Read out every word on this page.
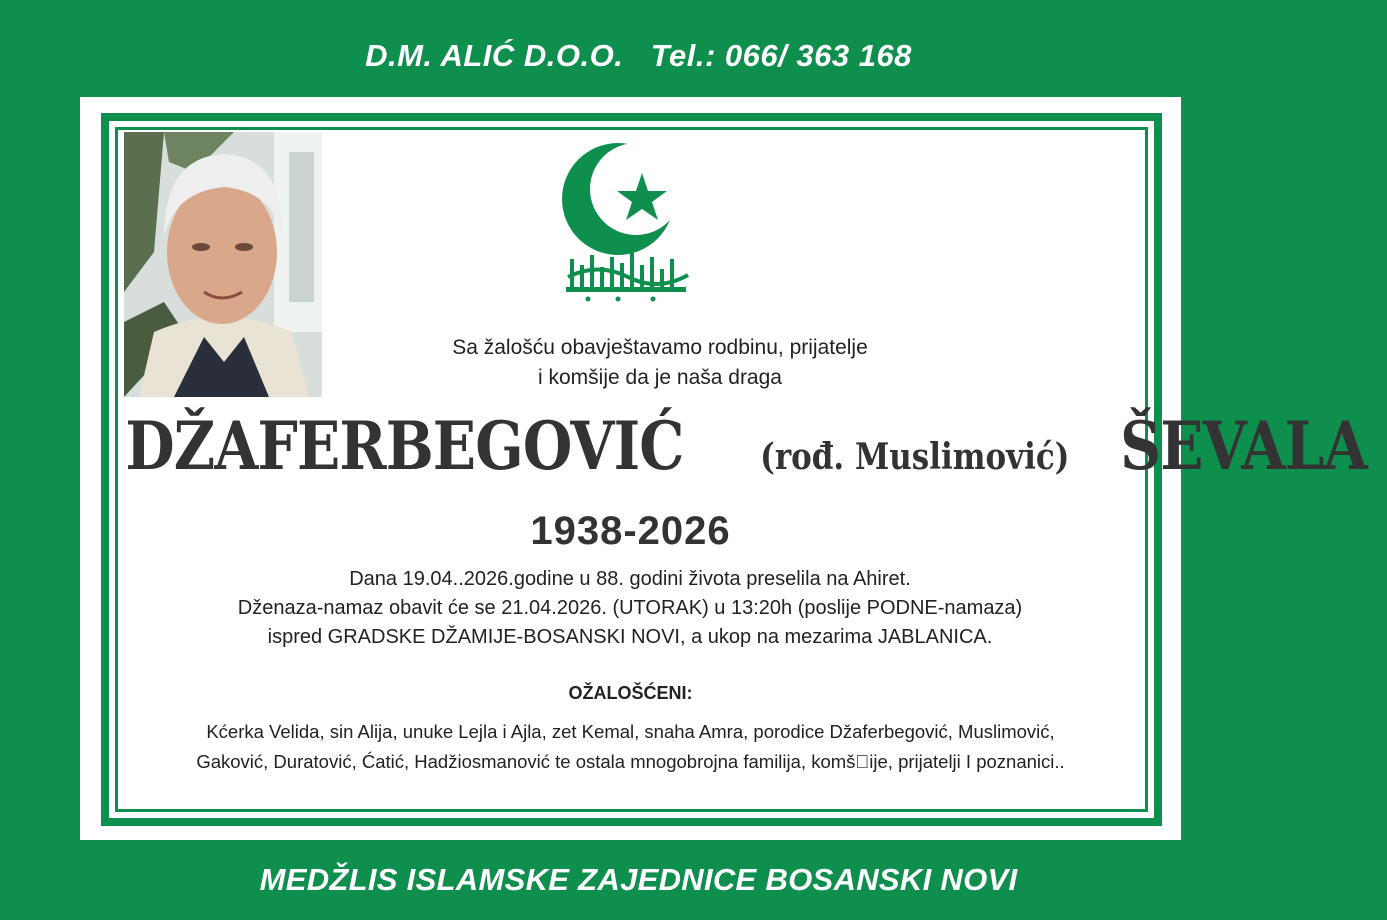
D.M. ALIĆ D.O.O. Tel.: 066/ 363 168
Sa žalošću obavještavamo rodbinu, prijatelje
i komšije da je naša draga
DŽAFERBEGOVIĆ (rođ. Muslimović) ŠEVALA
1938-2026
Dana 19.04..2026.godine u 88. godini života preselila na Ahiret.
Dženaza-namaz obavit će se 21.04.2026. (UTORAK) u 13:20h (poslije PODNE-namaza)
ispred GRADSKE DŽAMIJE-BOSANSKI NOVI, a ukop na mezarima JABLANICA.
OŽALOŠĆENI:
Kćerka Velida, sin Alija, unuke Lejla i Ajla, zet Kemal, snaha Amra, porodice Džaferbegović, Muslimović,
Gaković, Duratović, Ćatić, Hadžiosmanović te ostala mnogobrojna familija, komš ije, prijatelji I poznanici..
MEDŽLIS ISLAMSKE ZAJEDNICE BOSANSKI NOVI
